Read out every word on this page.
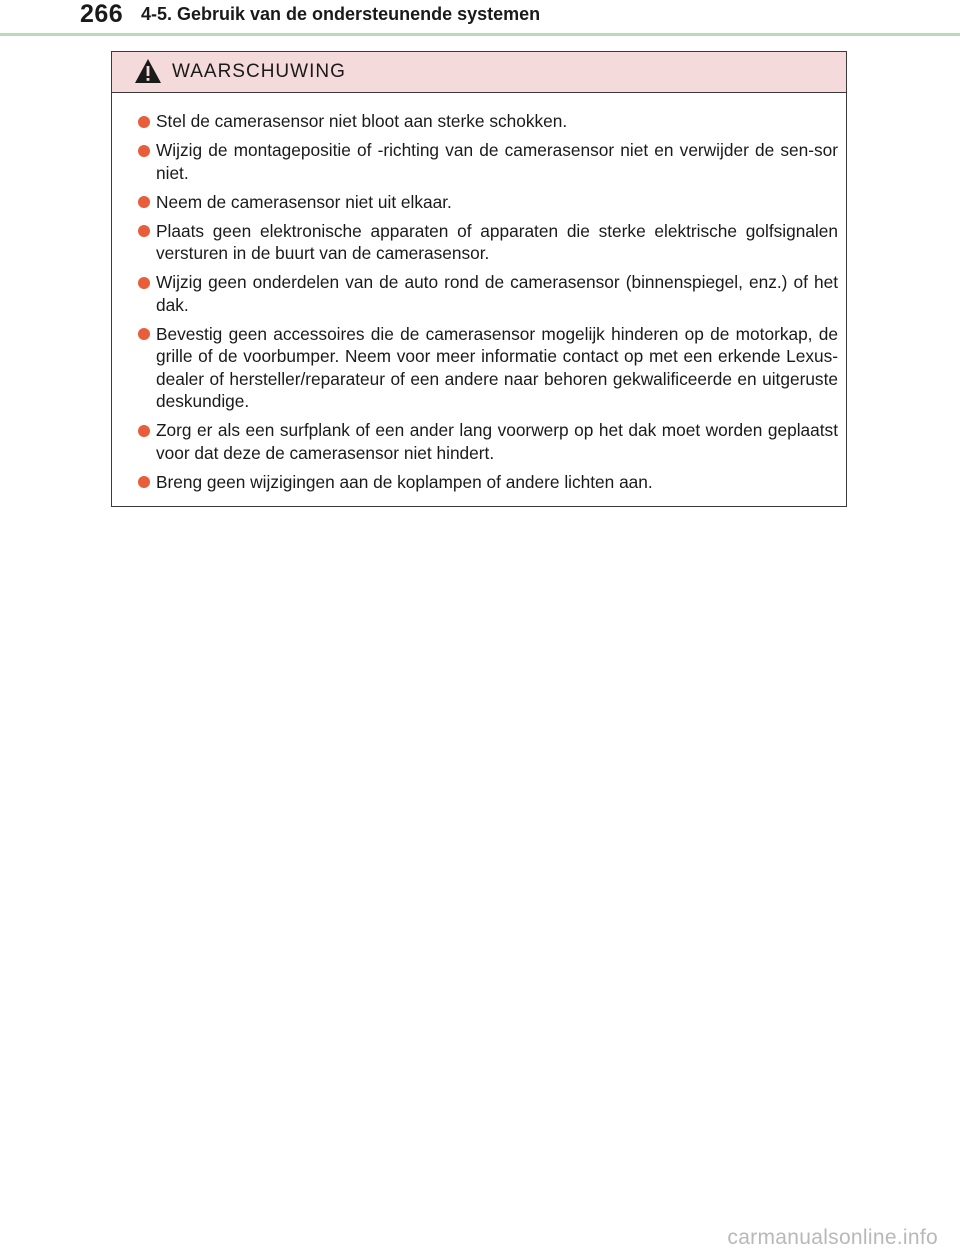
266 4-5. Gebruik van de ondersteunende systemen
WAARSCHUWING
Stel de camerasensor niet bloot aan sterke schokken.
Wijzig de montagepositie of -richting van de camerasensor niet en verwijder de sen-sor niet.
Neem de camerasensor niet uit elkaar.
Plaats geen elektronische apparaten of apparaten die sterke elektrische golfsignalen versturen in de buurt van de camerasensor.
Wijzig geen onderdelen van de auto rond de camerasensor (binnenspiegel, enz.) of het dak.
Bevestig geen accessoires die de camerasensor mogelijk hinderen op de motorkap, de grille of de voorbumper. Neem voor meer informatie contact op met een erkende Lexus-dealer of hersteller/reparateur of een andere naar behoren gekwalificeerde en uitgeruste deskundige.
Zorg er als een surfplank of een ander lang voorwerp op het dak moet worden geplaatst voor dat deze de camerasensor niet hindert.
Breng geen wijzigingen aan de koplampen of andere lichten aan.
carmanualsonline.info
